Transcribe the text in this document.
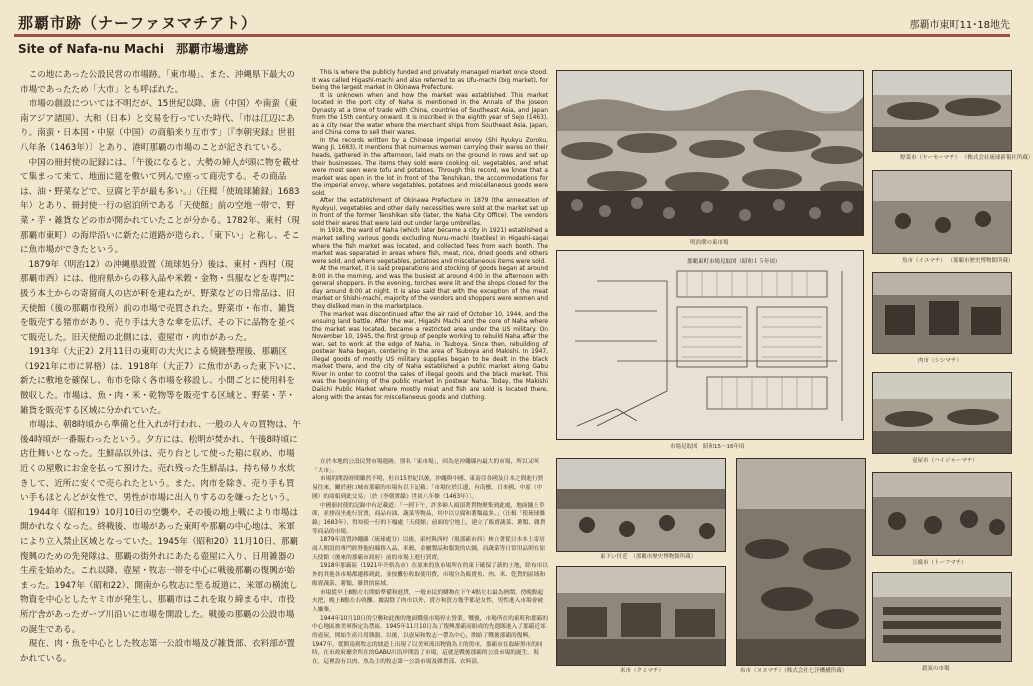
那覇市跡（ナーファヌマチアト）	那覇市東町11･18地先
Site of Nafa-nu Machi 那覇市場遺跡

この地にあった公設民営の市場跡。「東市場」、また、沖縄県下最大の市場であったため「大市」とも呼ばれた。

市場の創設については不明だが、15世紀以降、唐（中国）や南蛮（東南アジア諸国）、大和（日本）と交易を行っていた時代、「市は江辺にあり。南蛮・日本国・中原（中国）の商船来り互市す」〔『李朝実録』世祖八年条（1463年）〕とあり、港町那覇の市場のことが記されている。

中国の冊封使の記録には、「午後になると、大勢の婦人が頭に物を載せて集まって来て、地面に筵を敷いて列んで座って商売する。その商品は、油・野菜などで、豆腐と芋が最も多い。」（汪楫「使琉球雑録」1683年）とあり、冊封使一行の宿泊所である「天使館」前の空地一帯で、野菜・芋・雑貨などの市が開かれていたことが分かる。1782年、東村（現那覇市東町）の海岸沿いに新たに道路が造られ、「東下い」と称し、そこに魚市場ができたという。

1879年（明治12）の沖縄県設置（琉球処分）後は、東村・西村（現那覇市西）には、他府県からの移入品や米穀・金物・呉服などを専門に扱う本土からの寄留商人の店が軒を連ねたが、野菜などの日常品は、旧天使館（後の那覇市役所）前の市場で売買された。野菜市・布市、雑貨を販売する猪市があり、売り手は大きな傘を広げ、その下に品物を並べて販売した。旧天使館の北側には、壺屋市・肉市があった。

1913年（大正2）2月11日の東町の大火による焼跡整理後、那覇区（1921年に市に昇格）は、1918年（大正7）に魚市があった東下いに、新たに敷地を確保し、布市を除く各市場を移設し、小間ごとに使用料を徴収した。市場は、魚・肉・米・乾物等を販売する区域と、野菜・芋・雑貨を販売する区域に分かれていた。

市場は、朝8時頃から準備と仕入れが行われ、一般の人々の買物は、午後4時頃が一番賑わったという。夕方には、松明が焚かれ、午後8時頃に店仕舞いとなった。生鮮品以外は、売り台として使った箱に収め、市場近くの屋敷にお金を払って預けた。売れ残った生鮮品は、持ち帰り水炊きして、近所に安くで売られたという。また、肉市を除き、売り手も買い手もほとんどが女性で、男性が市場に出入りするのを嫌ったという。

1944年（昭和19）10月10日の空襲や、その後の地上戦により市場は開かれなくなった。終戦後、市場があった東町や那覇の中心地は、米軍により立入禁止区域となっていた。1945年（昭和20）11月10日、那覇復興のための先発隊は、那覇の街外れにあたる壺屋に入り、日用雑器の生産を始めた。これ以降、壺屋・牧志一帯を中心に戦後那覇の復興が始まった。1947年（昭和22）、開南から牧志に至る坂道に、米軍の横流し物資を中心としたヤミ市が発生し、那覇市はこれを取り締まる中、市役所庁舎があったガーブ川沿いに市場を開設した。戦後の那覇の公設市場の誕生である。

現在、肉・魚を中心とした牧志第一公設市場及び雑貨部、衣料部が置かれている。

This is where the publicly funded and privately managed market once stood. It was called Higashi-machi and also referred to as Ufu-machi (big market), for being the largest market in Okinawa Prefecture.

It is unknown when and how the market was established. This market located in the port city of Naha is mentioned in the Annals of the Joseon Dynasty at a time of trade with China, countries of Southeast Asia, and Japan from the 15th century onward. It is inscribed in the eighth year of Sejo (1463), as a city near the water where the merchant ships from Southeast Asia, Japan, and China come to sell their wares.

In the records written by a Chinese imperial envoy (Shi Ryukyu Zoroku, Wang Ji, 1683), it mentions that numerous women carrying their wares on their heads, gathered in the afternoon, laid mats on the ground in rows and set up their businesses. The items they sold were cooking oil, vegetables, and what were most seen were tofu and potatoes. Through this record, we know that a market was open in the lot in front of the Tenshikan, the accommodations for the imperial envoy, where vegetables, potatoes and miscellaneous goods were sold.

After the establishment of Okinawa Prefecture in 1879 (the annexation of Ryukyu), vegetables and other daily necessities were sold at the market set up in front of the former Tenshikan site (later, the Naha City Office). The vendors sold their wares that were laid out under large umbrellas.

In 1918, the ward of Naha (which later became a city in 1921) established a market selling various goods excluding Nunu-machi (textiles) in Higashi-sagai where the fish market was located, and collected fees from each booth. The market was separated in areas where fish, meat, rice, dried goods and others were sold, and where vegetables, potatoes and miscellaneous items were sold.

At the market, it is said preparations and stocking of goods began at around 8:00 in the morning, and was the busiest at around 4:00 in the afternoon with general shoppers. In the evening, torches were lit and the shops closed for the day around 8:00 at night. It is also said that with the exception of the meat market or Shishi-machi, majority of the vendors and shoppers were women and they disliked men in the marketplace.

The market was discontinued after the air raid of October 10, 1944, and the ensuing land battle. After the war, Higashi Machi and the core of Naha where the market was located, became a restricted area under the US military. On November 10, 1945, the first group of people working to rebuild Naha after the war, set to work at the edge of Naha, in Tsuboya. Since then, rebuilding of postwar Naha began, centering in the area of Tsuboya and Makishi. In 1947, illegal goods of mostly US military supplies began to be dealt in the black market there, and the city of Naha established a public market along Gabu River in order to control the sales of illegal goods and the black market. This was the beginning of the public market in postwar Naha. Today, the Makishi Daiichi Public Market where mostly meat and fish are sold is located there, along with the areas for miscellaneous goods and clothing.

在於本地的公設民營市場遺跡，別名「東市場」，因為是沖繩縣內最大的市場，所以又叫「大市」。

市場的開設時間雖然不明，但自15世紀以後，沖繩與中國、東南亞各國及日本之間進行貿易往來，關於港口城市那霸的市場有以下記載：「市場位於江邊，有南蠻、日本國、中原（中國）的商船到此交易」〔於《李朝實錄》世祖八年條（1463年）〕。

中國冊封使的記錄中有記載道：「一到下午，許多婦人頭頂著貨物聚集到此處，地面鋪上草蓆，並排而坐進行買賣，商品有油、蔬菜等物品，其中以豆腐和薯類最多。」（汪楫「使琉球雜錄」1683年），得知使一行的下榻處「天使館」前面的空地上，建立了販賣蔬菜、薯類、雜貨等商品的市場。

1879年設置沖繩縣（琉球處分）以後，東村與西村（現那霸市西）林立著從日本本土寄居商人開設的專門經營他府縣移入品、米穀、金屬製品和服裝的店鋪，而蔬菜等日常用品則在原天使館（後來的那霸市政府）前的市場上進行買賣。

1918年那霸區（1921年升格為市）在原來的魚市場所在的東下確保了新的土地，除布市以外的其他各市場都遷移到此，並按攤位收取使用費。市場分為販賣魚、肉、米、乾貨的區域和販賣蔬菜、薯類、雜貨的區域。

市場從早上8點左右開始準備和進貨，一般市民的購物在下午4點左右最為熱鬧。傍晚點起火把，晚上8點左右收攤。據說除了肉市以外，賣方和買方幾乎都是女性，男性進入市場會被人嫌棄。

1944年10月10日的空襲和此後的地面戰使市場停止營業。戰後，市場所在的東町和那霸的中心地區被美軍指定為禁區。1945年11月10日為了復興那霸而組成的先遣隊進入了那霸近郊的壺屋，開始生產日用雜器。以後，以壺屋和牧志一帶為中心，開始了戰後那霸的復興。1947年，從開南到牧志的坡道上出現了以美軍流出物資為主的黑市，那霸市在取締黑市的同時，在市政府廳舍所在的GABU川沿岸開設了市場，這就是戰後那霸的公設市場的誕生。現在，這裡設有以肉、魚為主的牧志第一公設市場及雜貨部、衣料部。

明治期の東市場
那覇東町市場見取図（昭和１５年頃）
市場見取図　昭和15～16年頃
東下い付近　（那覇市歴史博物館所蔵）
米市（クミマチ）	布市（ヌヌマチ）（株式会社七洋機構所蔵）
野菜市（ヤーセーマチ） （株式会社琉球新報社所蔵）
魚市（イユマチ） （那覇市歴史博物館所蔵）
肉市（シシマチ）
壺屋市（ハイジャーマチ）
豆腐市（トーフマチ）
薪炭の市場
